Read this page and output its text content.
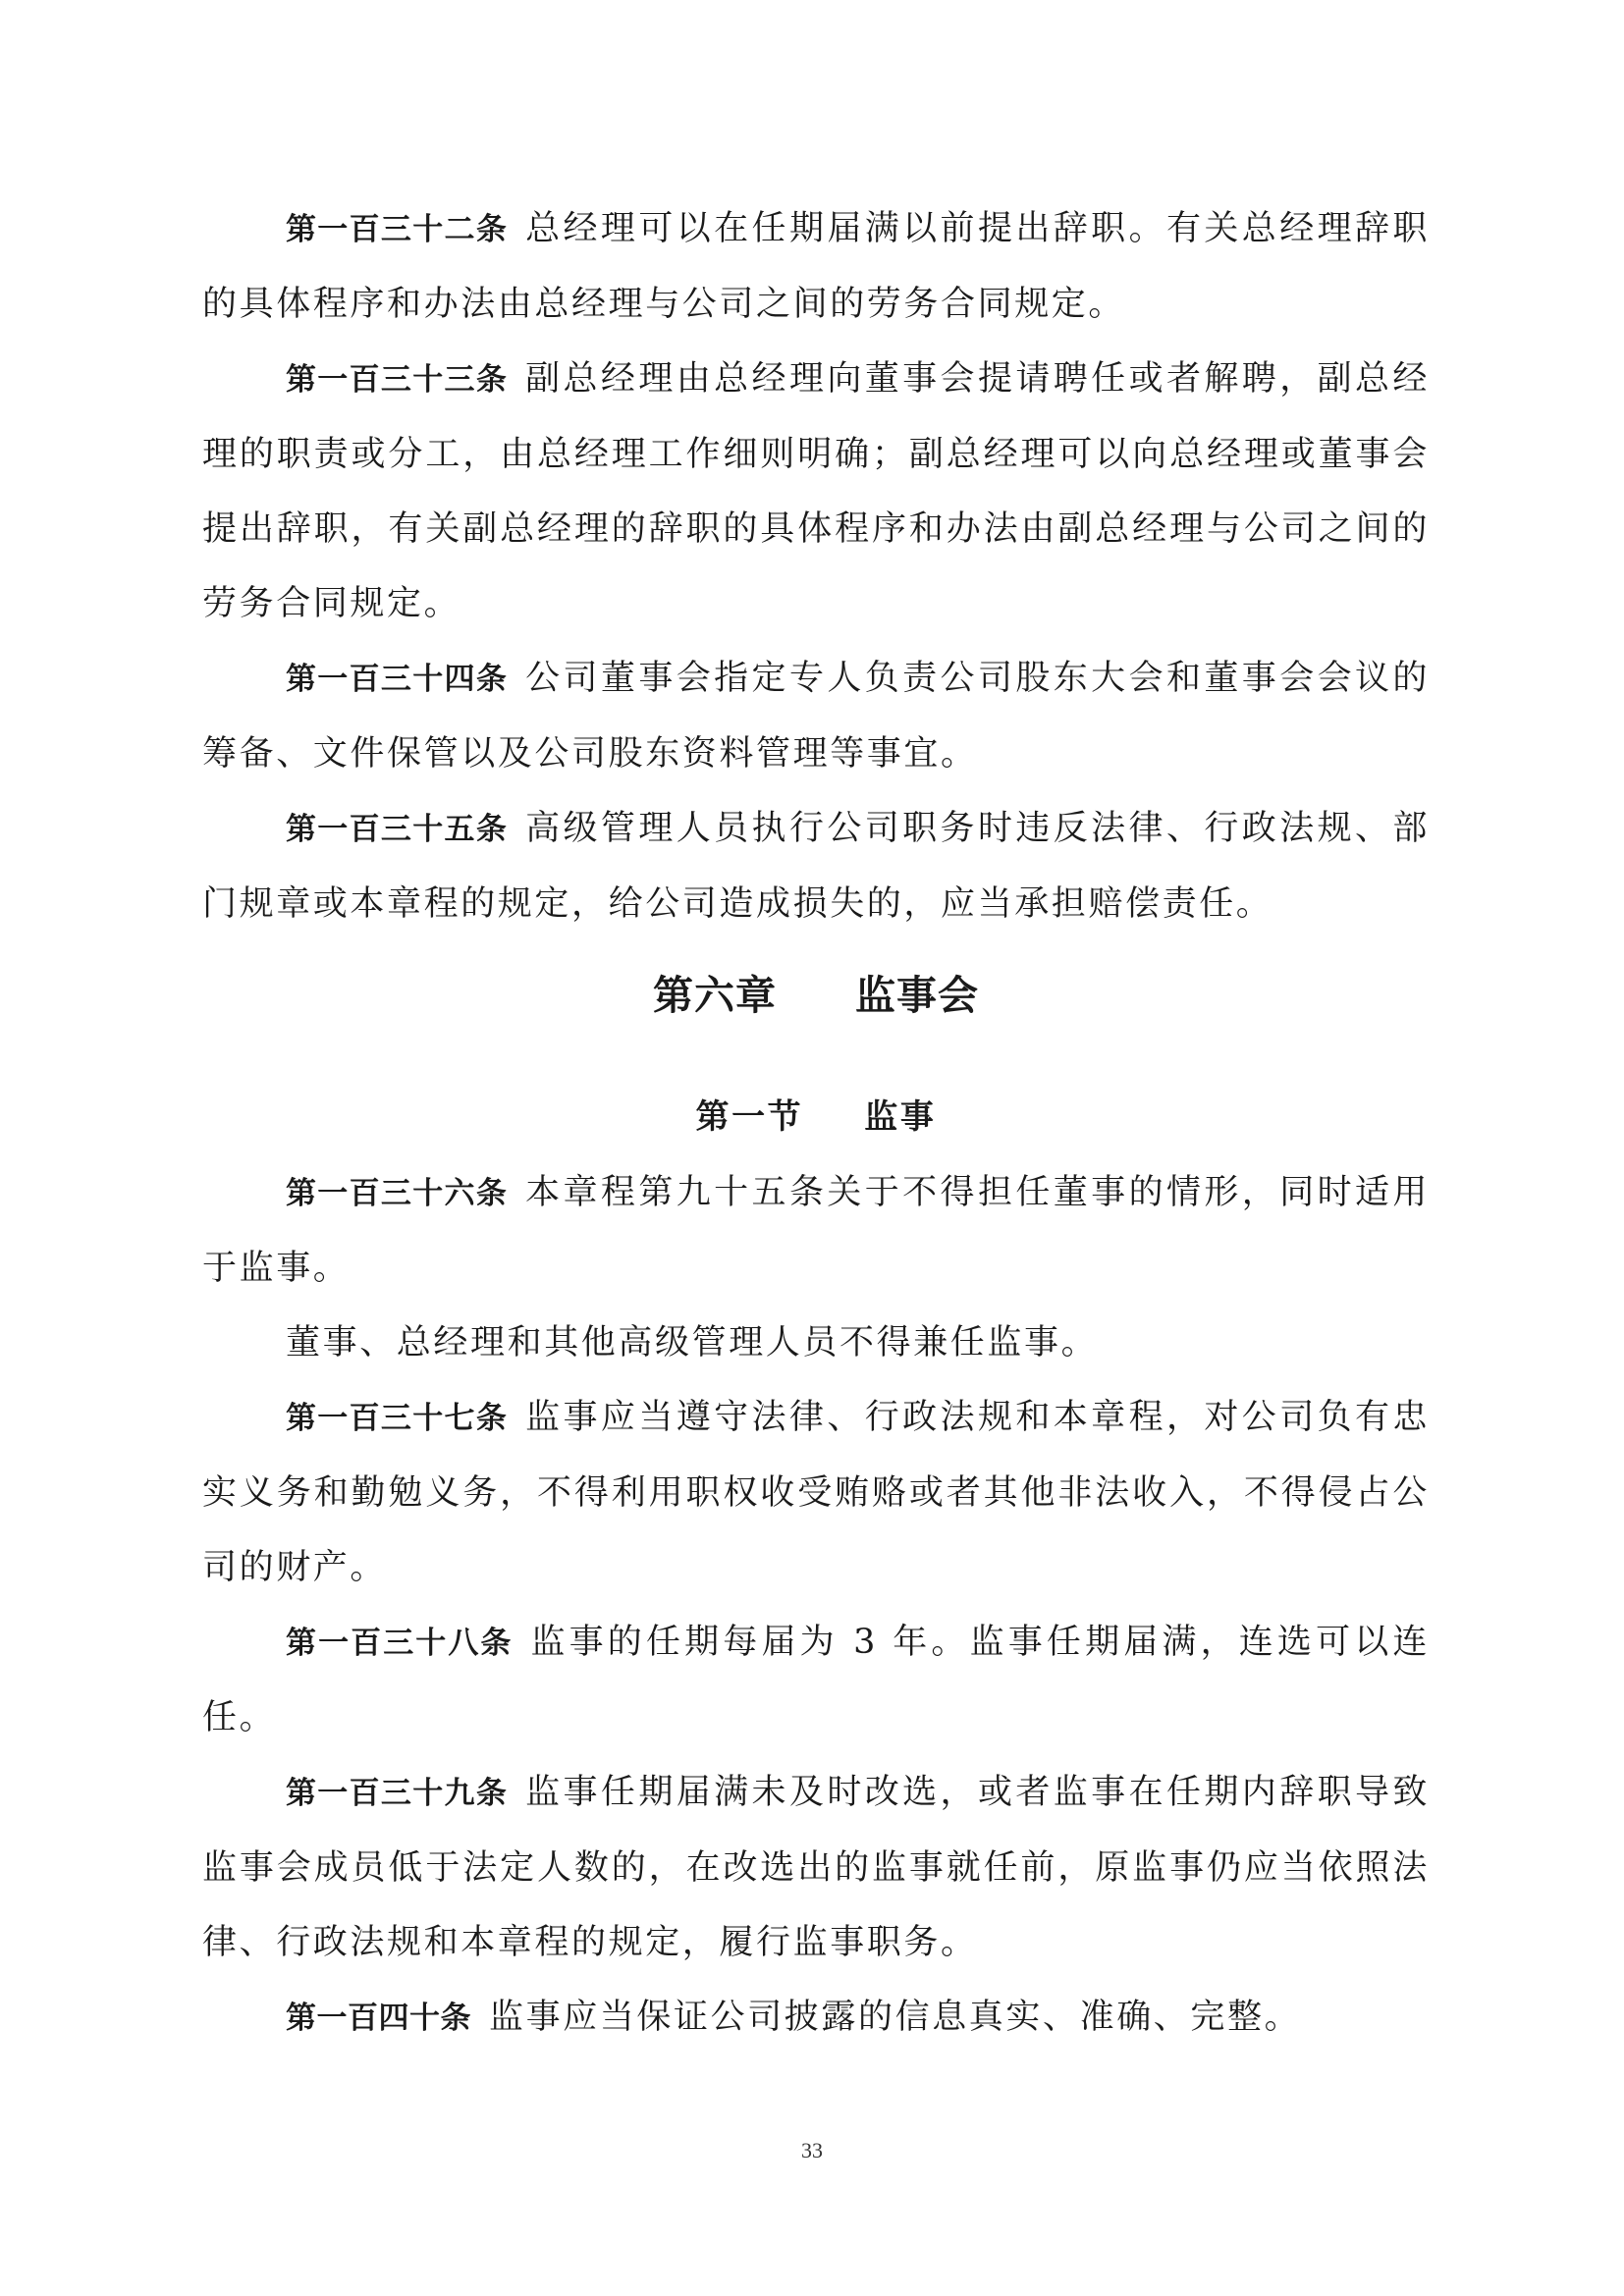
第一百三十二条 总经理可以在任期届满以前提出辞职。有关总经理辞职的具体程序和办法由总经理与公司之间的劳务合同规定。

第一百三十三条 副总经理由总经理向董事会提请聘任或者解聘，副总经理的职责或分工，由总经理工作细则明确；副总经理可以向总经理或董事会提出辞职，有关副总经理的辞职的具体程序和办法由副总经理与公司之间的劳务合同规定。

第一百三十四条 公司董事会指定专人负责公司股东大会和董事会会议的筹备、文件保管以及公司股东资料管理等事宜。

第一百三十五条 高级管理人员执行公司职务时违反法律、行政法规、部门规章或本章程的规定，给公司造成损失的，应当承担赔偿责任。

第六章 监事会
第一节 监事

第一百三十六条 本章程第九十五条关于不得担任董事的情形，同时适用于监事。

董事、总经理和其他高级管理人员不得兼任监事。

第一百三十七条 监事应当遵守法律、行政法规和本章程，对公司负有忠实义务和勤勉义务，不得利用职权收受贿赂或者其他非法收入，不得侵占公司的财产。

第一百三十八条 监事的任期每届为 3 年。监事任期届满，连选可以连任。

第一百三十九条 监事任期届满未及时改选，或者监事在任期内辞职导致监事会成员低于法定人数的，在改选出的监事就任前，原监事仍应当依照法律、行政法规和本章程的规定，履行监事职务。

第一百四十条 监事应当保证公司披露的信息真实、准确、完整。

33
